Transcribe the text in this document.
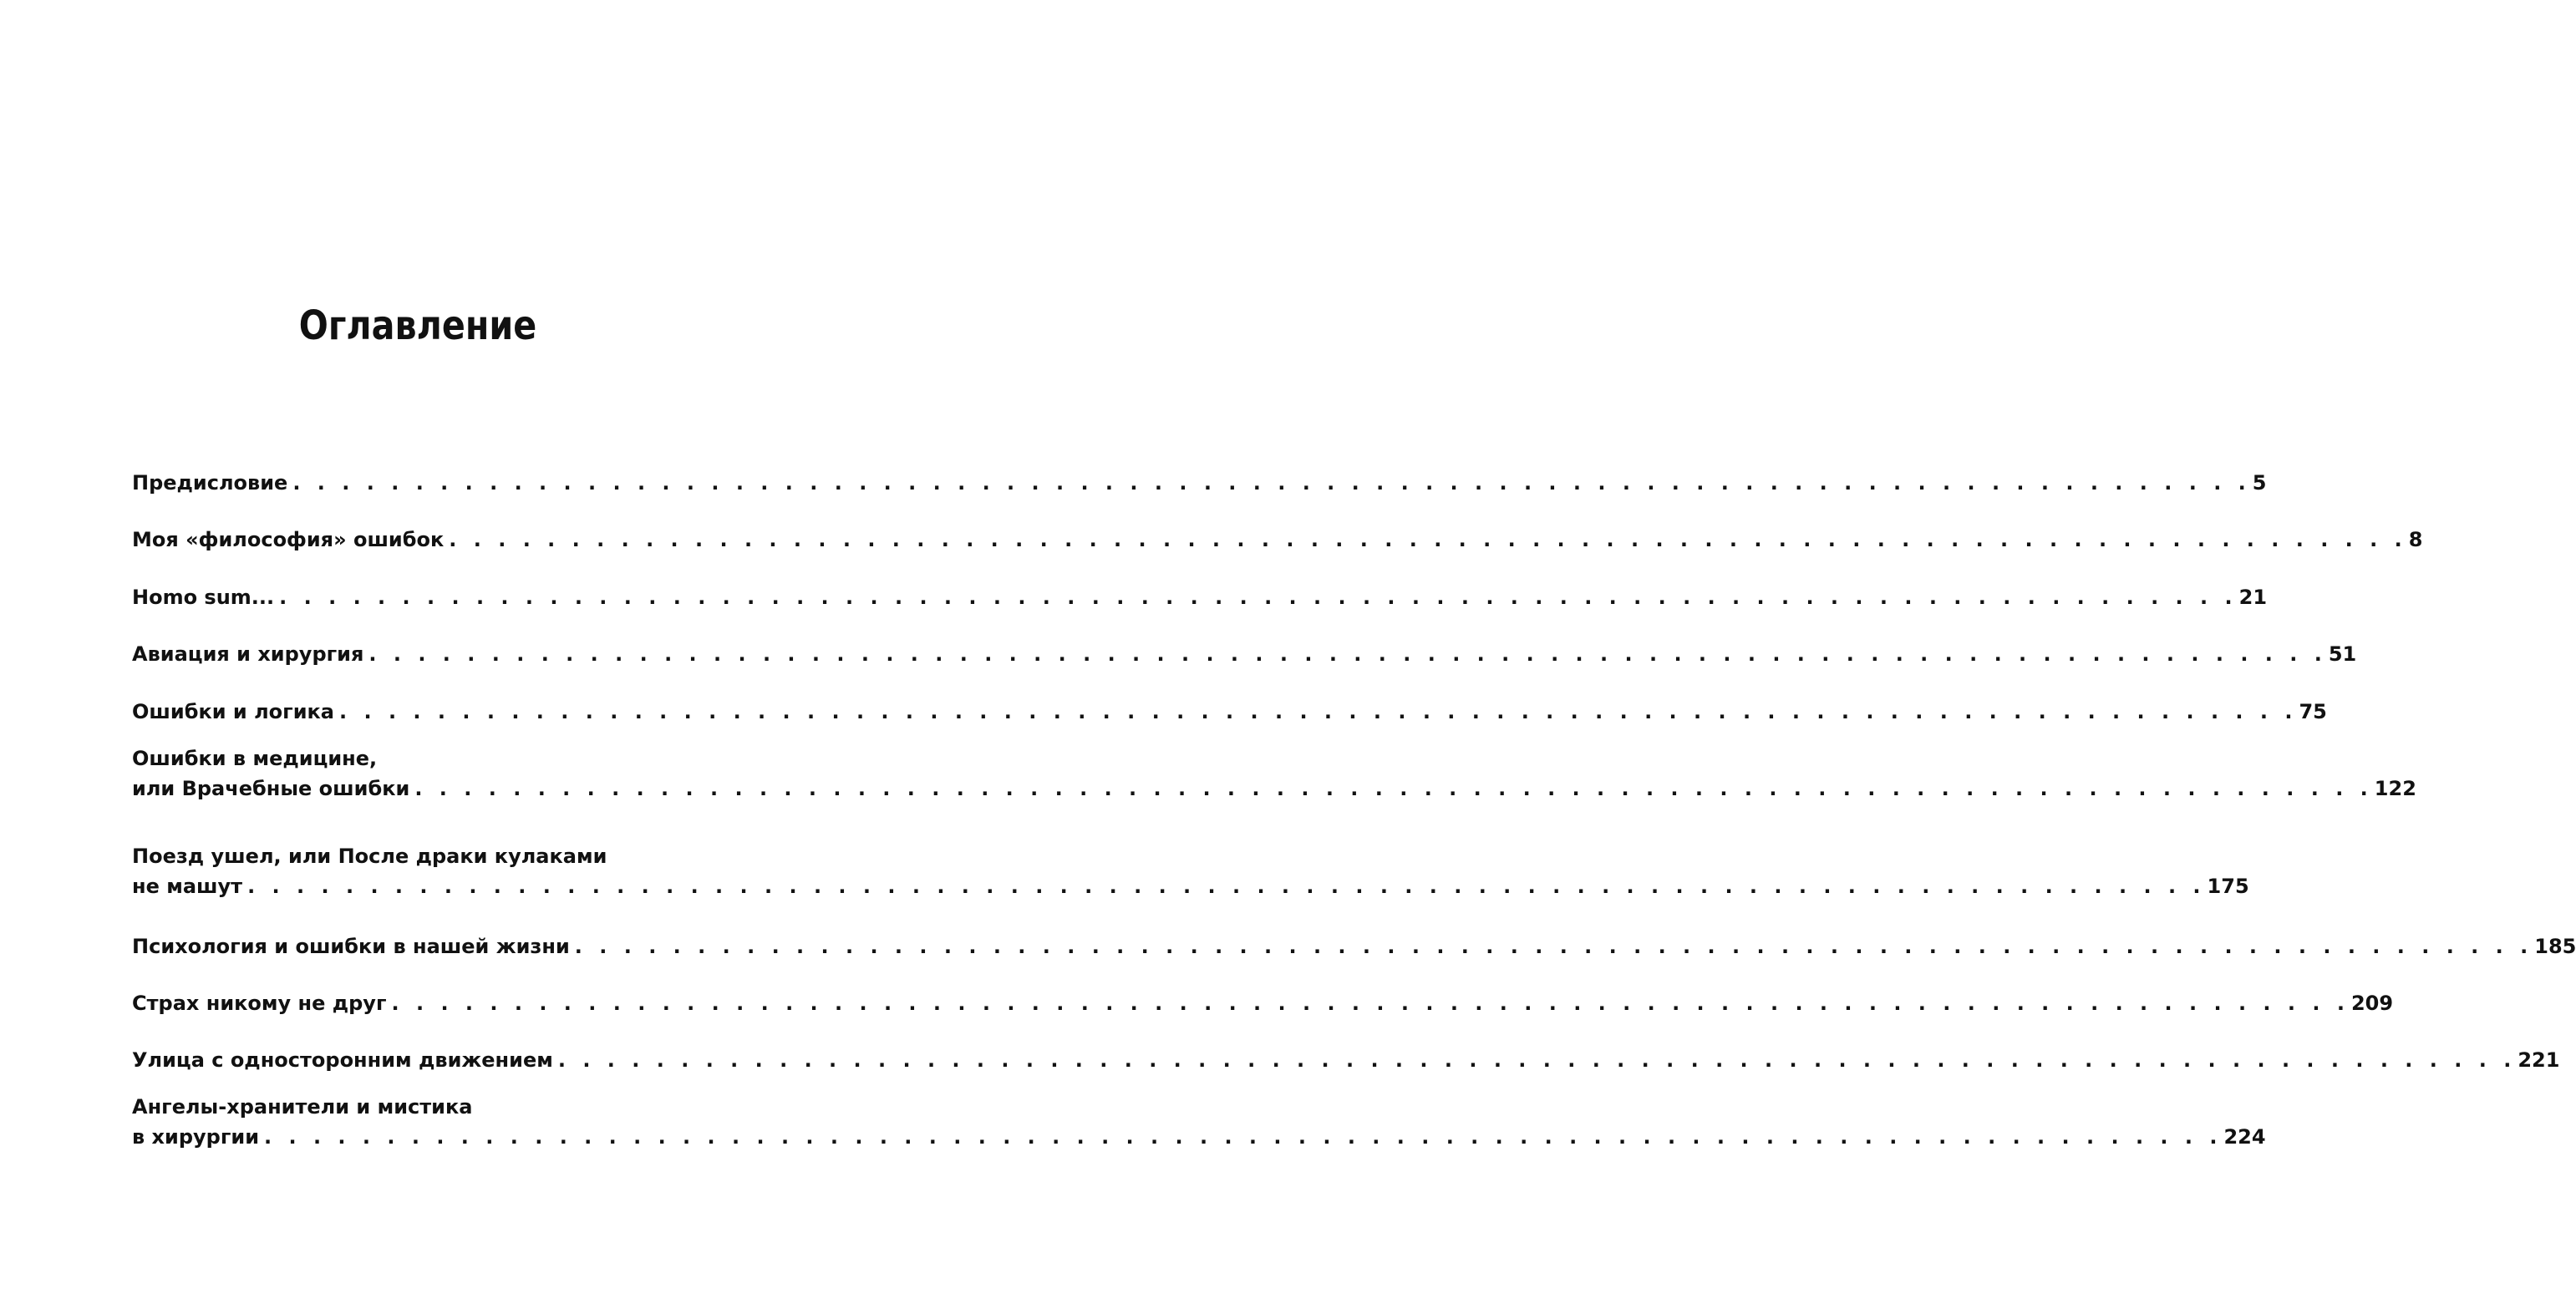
Оглавление
Предисловие . . . . . . . . . . . . . . . . . . . . . . . . . . . . . . . . . . . . . . . . . . . . . . . . . . . . . . . . . . . . . . . . . . . . . . . . . . . . . . . . 5
Моя «философия» ошибок . . . . . . . . . . . . . . . . . . . . . . . . . . . . . . . . . . . . . . . . . . . . . . . . . . . . . . . . . . . . . . . . . . . . . . . . . . . . . . . . 8
Homo sum... . . . . . . . . . . . . . . . . . . . . . . . . . . . . . . . . . . . . . . . . . . . . . . . . . . . . . . . . . . . . . . . . . . . . . . . . . . . . . . . . 21
Авиация и хирургия . . . . . . . . . . . . . . . . . . . . . . . . . . . . . . . . . . . . . . . . . . . . . . . . . . . . . . . . . . . . . . . . . . . . . . . . . . . . . . . . 51
Ошибки и логика . . . . . . . . . . . . . . . . . . . . . . . . . . . . . . . . . . . . . . . . . . . . . . . . . . . . . . . . . . . . . . . . . . . . . . . . . . . . . . . . 75
Ошибки в медицине,
или Врачебные ошибки . . . . . . . . . . . . . . . . . . . . . . . . . . . . . . . . . . . . . . . . . . . . . . . . . . . . . . . . . . . . . . . . . . . . . . . . . . . . . . . . 122
Поезд ушел, или После драки кулаками
не машут . . . . . . . . . . . . . . . . . . . . . . . . . . . . . . . . . . . . . . . . . . . . . . . . . . . . . . . . . . . . . . . . . . . . . . . . . . . . . . . . 175
Психология и ошибки в нашей жизни . . . . . . . . . . . . . . . . . . . . . . . . . . . . . . . . . . . . . . . . . . . . . . . . . . . . . . . . . . . . . . . . . . . . . . . . . . . . . . . . 185
Страх никому не друг . . . . . . . . . . . . . . . . . . . . . . . . . . . . . . . . . . . . . . . . . . . . . . . . . . . . . . . . . . . . . . . . . . . . . . . . . . . . . . . . 209
Улица с односторонним движением . . . . . . . . . . . . . . . . . . . . . . . . . . . . . . . . . . . . . . . . . . . . . . . . . . . . . . . . . . . . . . . . . . . . . . . . . . . . . . . . 221
Ангелы-хранители и мистика
в хирургии . . . . . . . . . . . . . . . . . . . . . . . . . . . . . . . . . . . . . . . . . . . . . . . . . . . . . . . . . . . . . . . . . . . . . . . . . . . . . . . . 224
